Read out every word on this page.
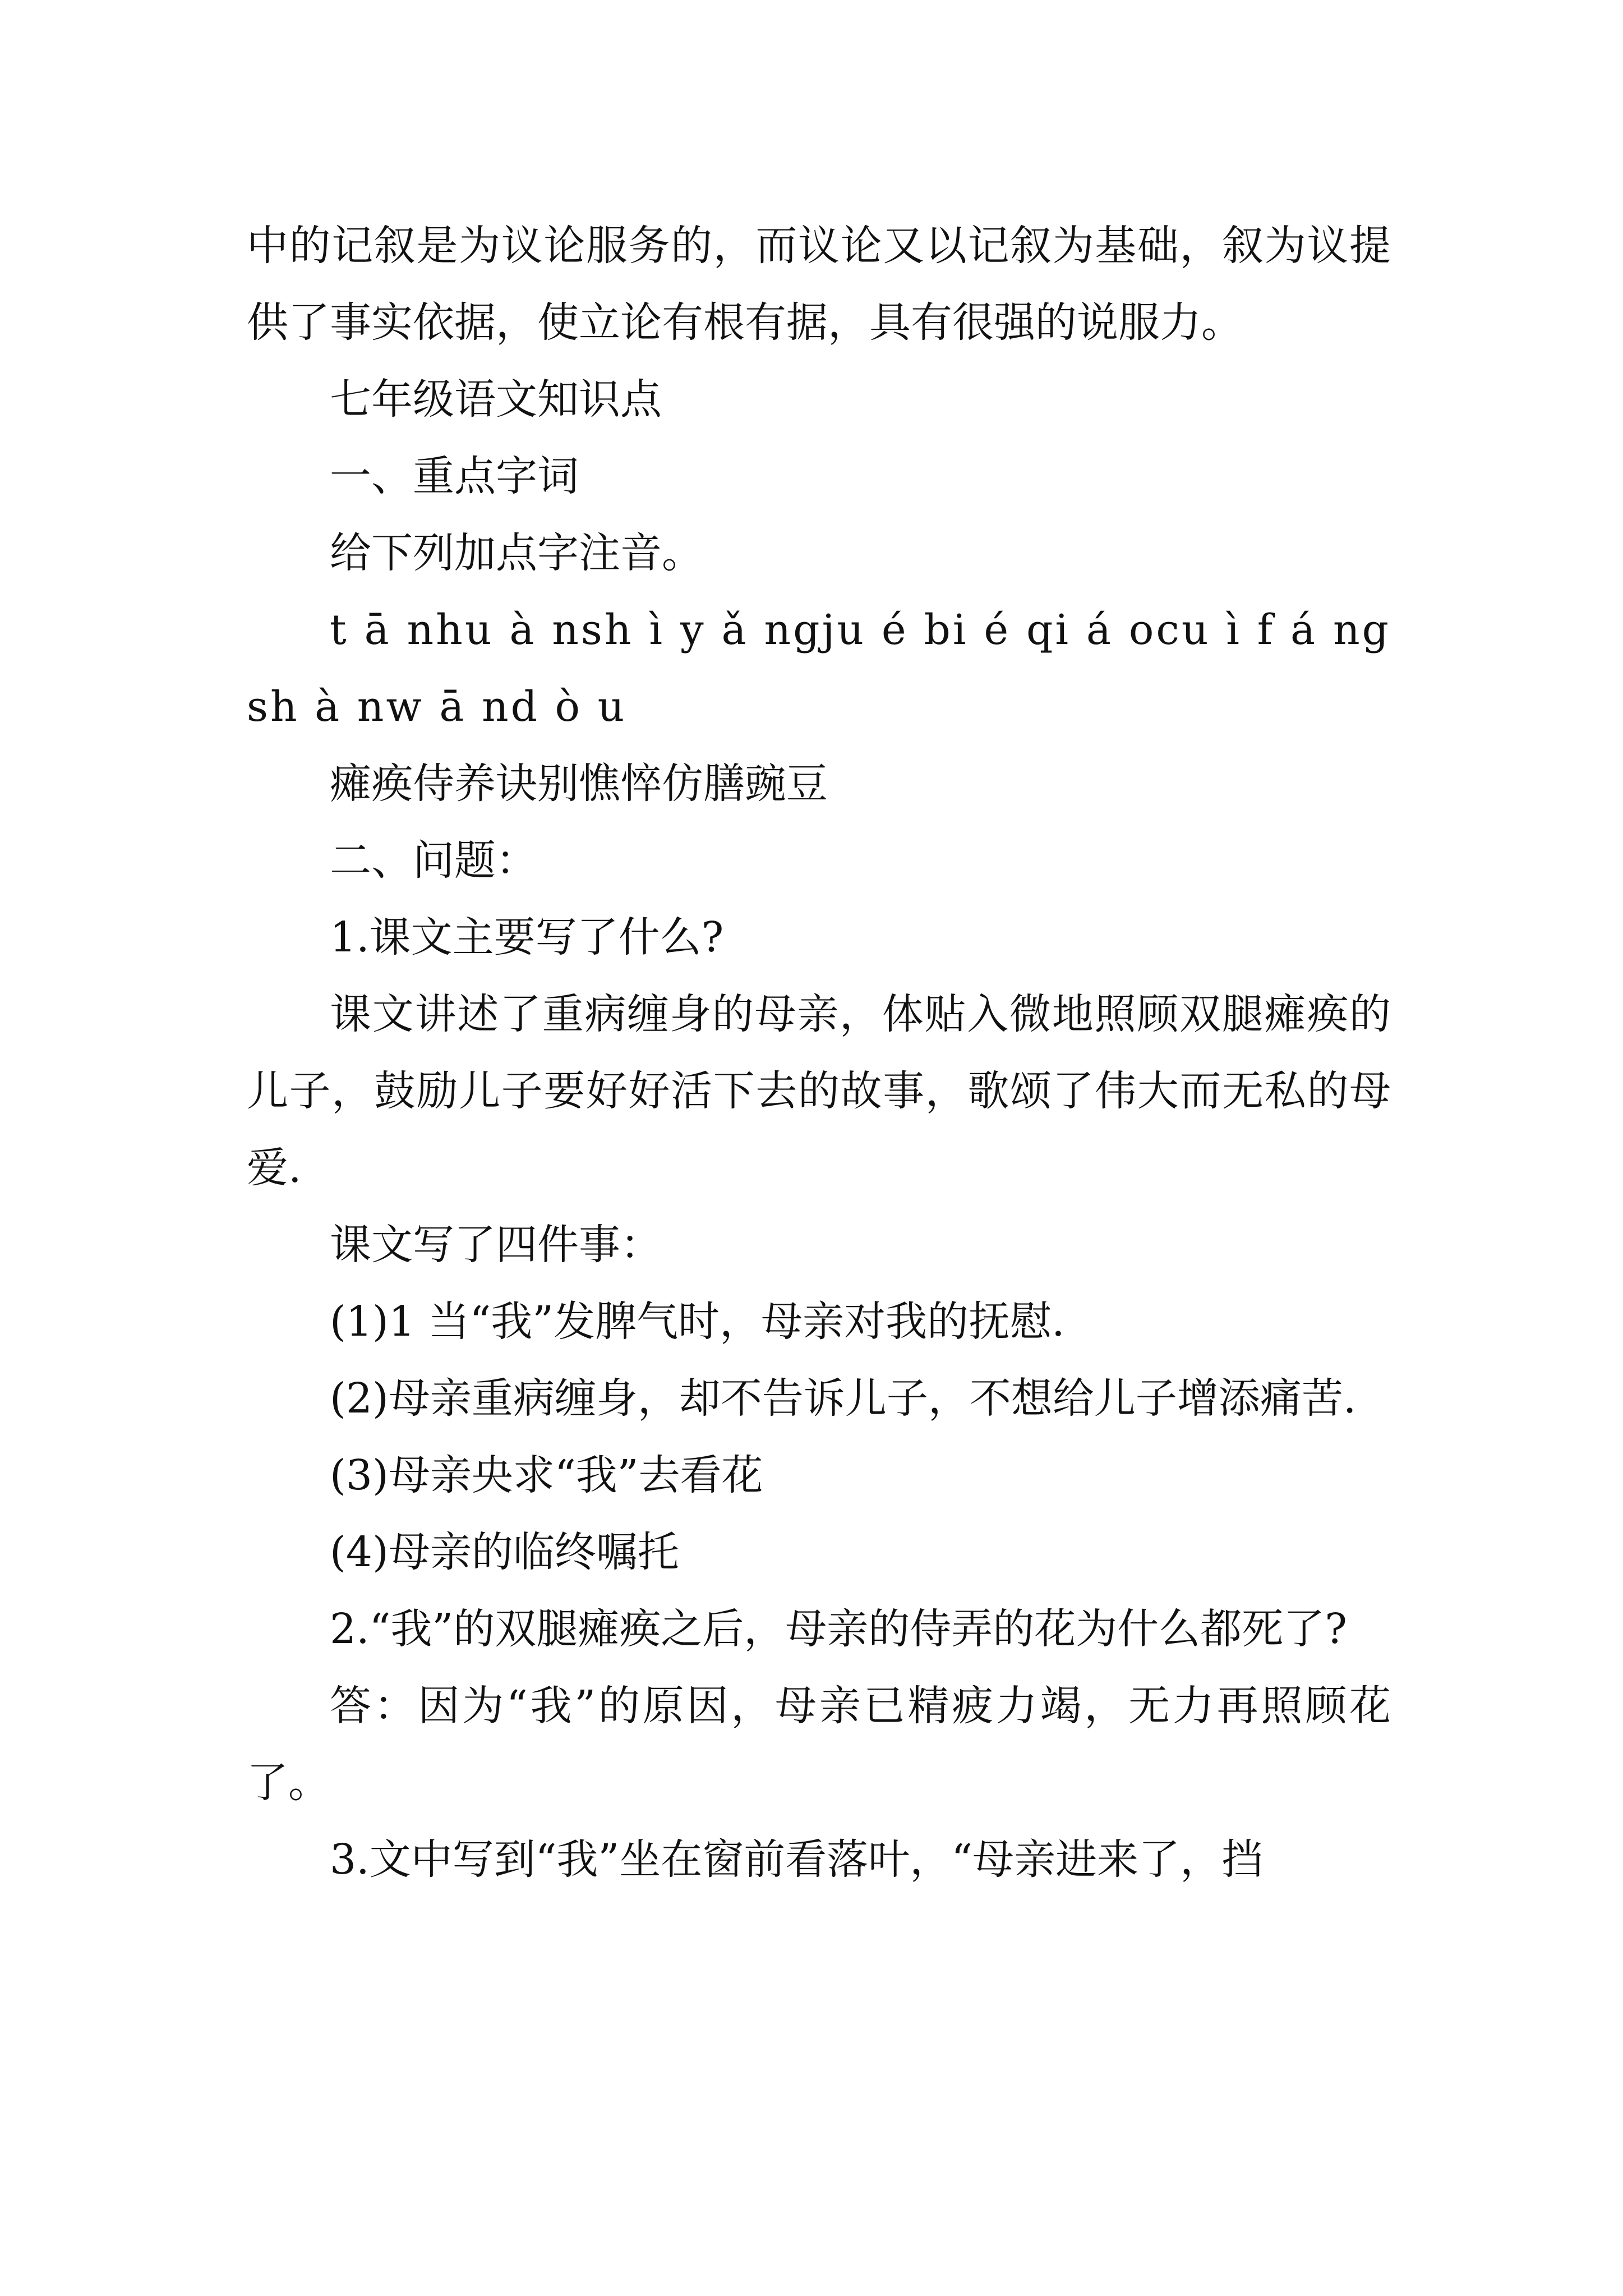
中的记叙是为议论服务的，而议论又以记叙为基础，叙为议提供了事实依据，使立论有根有据，具有很强的说服力。

七年级语文知识点

一、重点字词

给下列加点字注音。

t ā nhu à nsh ì y ǎ ngju é bi é qi á ocu ì f á ngsh à nw ā nd ò u

瘫痪侍养诀别憔悴仿膳豌豆

二、问题：

1.课文主要写了什么?

课文讲述了重病缠身的母亲，体贴入微地照顾双腿瘫痪的儿子，鼓励儿子要好好活下去的故事，歌颂了伟大而无私的母爱.

课文写了四件事：

(1)1 当“我”发脾气时，母亲对我的抚慰.

(2)母亲重病缠身，却不告诉儿子，不想给儿子增添痛苦.

(3)母亲央求“我”去看花

(4)母亲的临终嘱托

2.“我”的双腿瘫痪之后，母亲的侍弄的花为什么都死了?

答：因为“我”的原因，母亲已精疲力竭，无力再照顾花了。

3.文中写到“我”坐在窗前看落叶，“母亲进来了，挡
